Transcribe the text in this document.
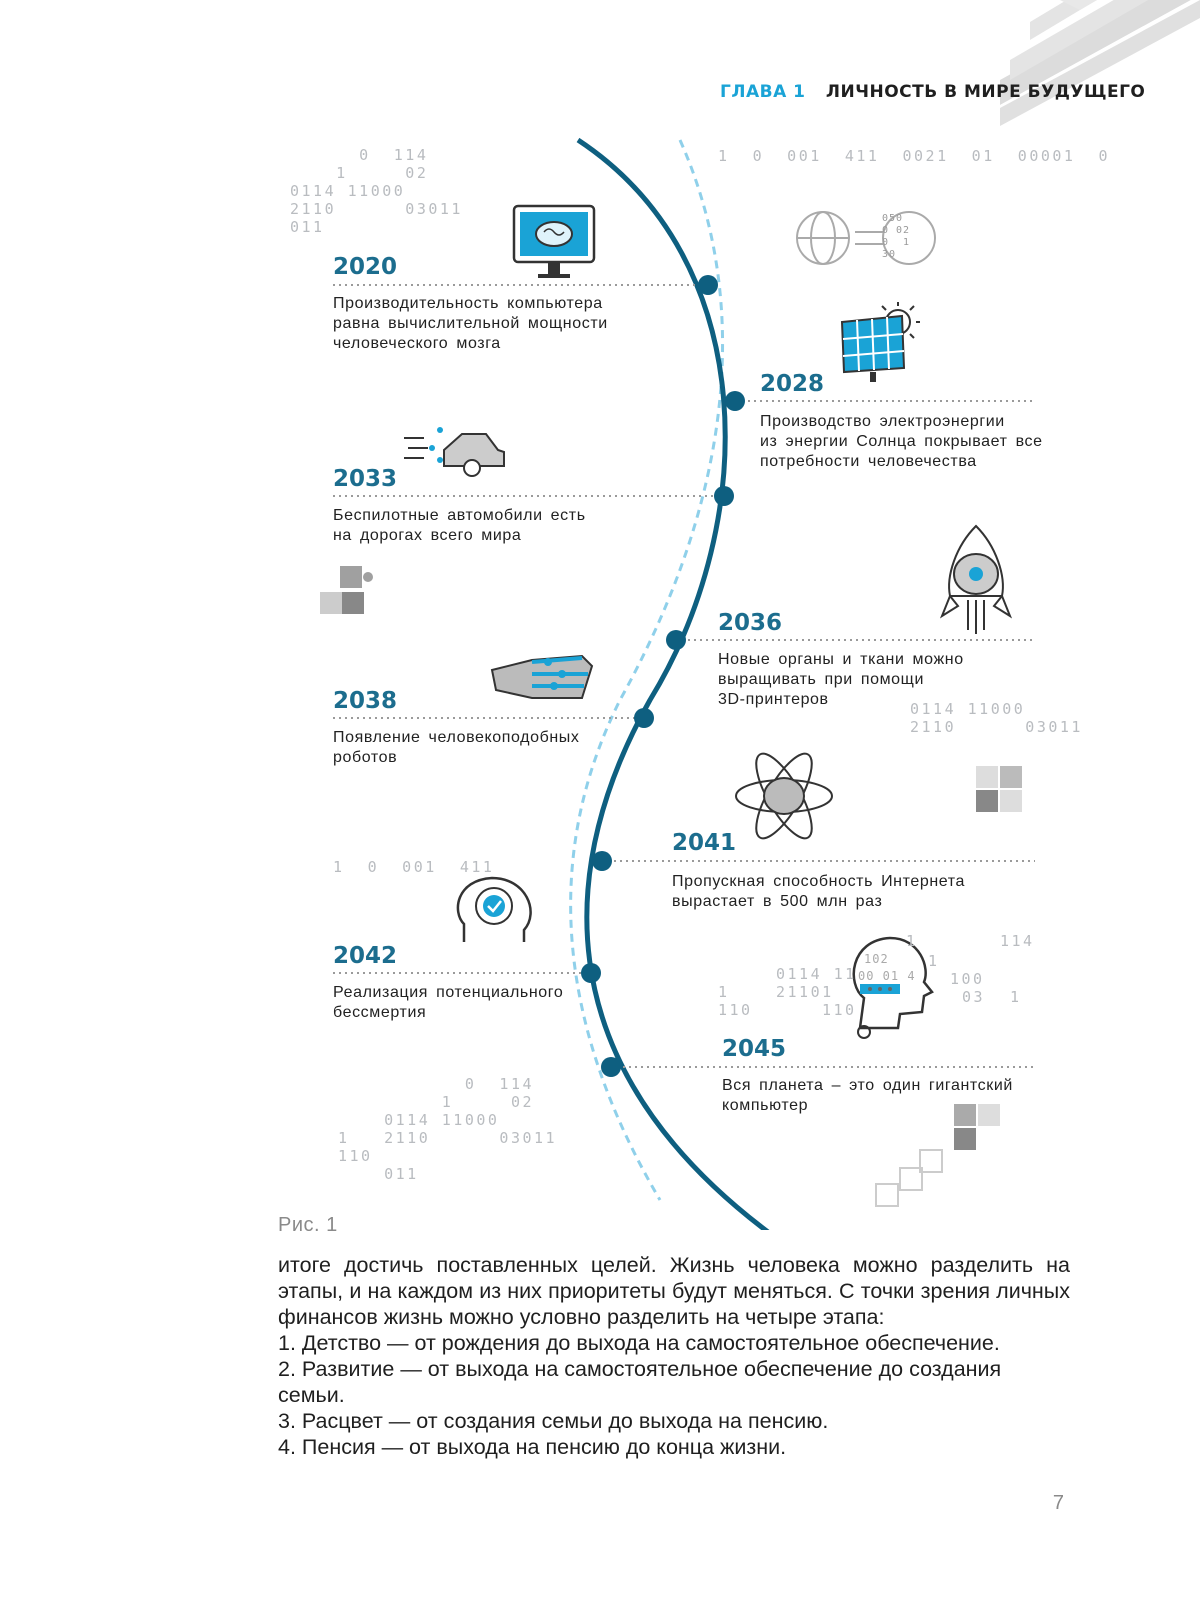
ГЛАВА 1 ЛИЧНОСТЬ В МИРЕ БУДУЩЕГО
0  114
1     02
0114 11000
2110      03011
011
1  0  001  411  0021  01  00001  0
050
0 02
0  1
30
0114 11000
2110      03011
1  0  001  411
114
1
0114 11
21101
100
03 1
1
110	110
102
00 01 4
1
0  114
1     02
0114 11000
1   2110      03011
110
011
2020
Производительность компьютера
равна вычислительной мощности
человеческого мозга
2028
Производство электроэнергии
из энергии Солнца покрывает все
потребности человечества
2033
Беспилотные автомобили есть
на дорогах всего мира
2036
Новые органы и ткани можно
выращивать при помощи
3D-принтеров
2038
Появление человекоподобных
роботов
2041
Пропускная способность Интернета
вырастает в 500 млн раз
2042
Реализация потенциального
бессмертия
2045
Вся планета – это один гигантский
компьютер
Рис. 1

итоге достичь поставленных целей. Жизнь человека можно разделить на этапы, и на каждом из них приоритеты будут меняться. С точки зрения личных финансов жизнь можно условно разделить на четыре этапа:

1. Детство — от рождения до выхода на самостоятельное обеспечение.
2. Развитие — от выхода на самостоятельное обеспечение до создания семьи.
3. Расцвет — от создания семьи до выхода на пенсию.
4. Пенсия — от выхода на пенсию до конца жизни.
7
